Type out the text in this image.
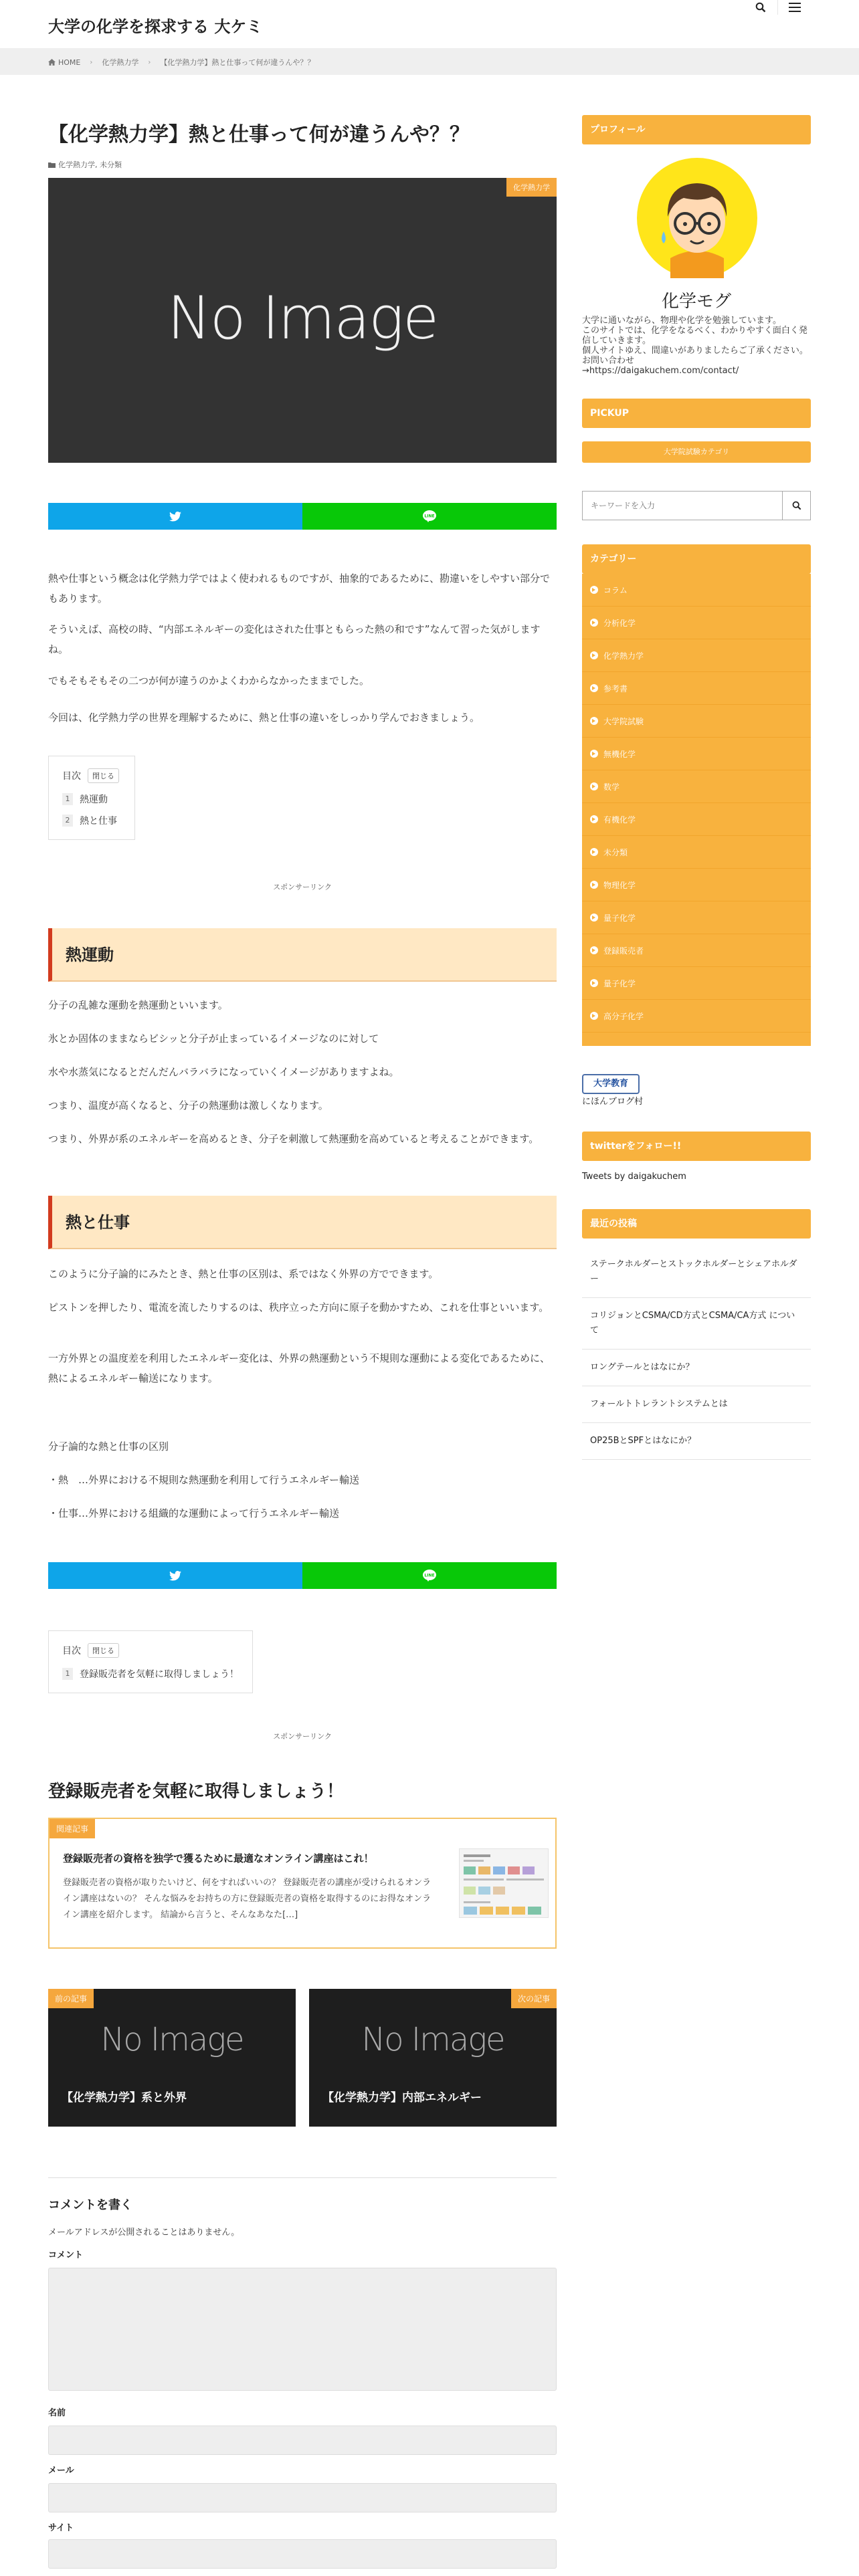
大学の化学を探求する 大ケミ
HOME › 化学熱力学 › 【化学熱力学】熱と仕事って何が違うんや？？
【化学熱力学】熱と仕事って何が違うんや？？
化学熱力学, 未分類
化学熱力学
No Image
LINE

熱や仕事という概念は化学熱力学ではよく使われるものですが、抽象的であるために、勘違いをしやすい部分でもあります。

そういえば、高校の時、“内部エネルギーの変化はされた仕事ともらった熱の和です”なんて習った気がしますね。

でもそもそもその二つが何が違うのかよくわからなかったままでした。

今回は、化学熱力学の世界を理解するために、熱と仕事の違いをしっかり学んでおきましょう。

目次	閉じる
1	熱運動
2	熱と仕事
スポンサーリンク
熱運動

分子の乱雑な運動を熱運動といいます。

氷とか固体のままならビシッと分子が止まっているイメージなのに対して

水や水蒸気になるとだんだんバラバラになっていくイメージがありますよね。

つまり、温度が高くなると、分子の熱運動は激しくなります。

つまり、外界が系のエネルギーを高めるとき、分子を刺激して熱運動を高めていると考えることができます。

熱と仕事

このように分子論的にみたとき、熱と仕事の区別は、系ではなく外界の方でできます。

ピストンを押したり、電流を流したりするのは、秩序立った方向に原子を動かすため、これを仕事といいます。

一方外界との温度差を利用したエネルギー変化は、外界の熱運動という不規則な運動による変化であるために、熱によるエネルギー輸送になります。

分子論的な熱と仕事の区別

・熱　…外界における不規則な熱運動を利用して行うエネルギー輸送

・仕事…外界における組織的な運動によって行うエネルギー輸送

LINE
目次	閉じる
1	登録販売者を気軽に取得しましょう！
スポンサーリンク
登録販売者を気軽に取得しましょう！
関連記事
登録販売者の資格を独学で獲るために最適なオンライン講座はこれ！
登録販売者の資格が取りたいけど、何をすればいいの？ 登録販売者の講座が受けられるオンライン講座はないの？ そんな悩みをお持ちの方に登録販売者の資格を取得するのにお得なオンライン講座を紹介します。 結論から言うと、そんなあなた[…]
前の記事
No Image
【化学熱力学】系と外界
次の記事
No Image
【化学熱力学】内部エネルギー
コメントを書く
メールアドレスが公開されることはありません。
コメント
名前
メール
サイト
プロフィール
化学モグ
大学に通いながら、物理や化学を勉強しています。
このサイトでは、化学をなるべく、わかりやすく面白く発信していきます。
個人サイトゆえ、間違いがありましたらご了承ください。お問い合わせ
→https://daigakuchem.com/contact/
PICKUP
大学院試験カテゴリ
キーワードを入力
カテゴリー
コラム
分析化学
化学熱力学
参考書
大学院試験
無機化学
数学
有機化学
未分類
物理化学
量子化学
登録販売者
量子化学
高分子化学
大学教育
にほんブログ村
twitterをフォロー!!
Tweets by daigakuchem
最近の投稿
ステークホルダーとストックホルダーとシェアホルダー
コリジョンとCSMA/CD方式とCSMA/CA方式 について
ロングテールとはなにか？
フォールトトレラントシステムとは
OP25BとSPFとはなにか？
